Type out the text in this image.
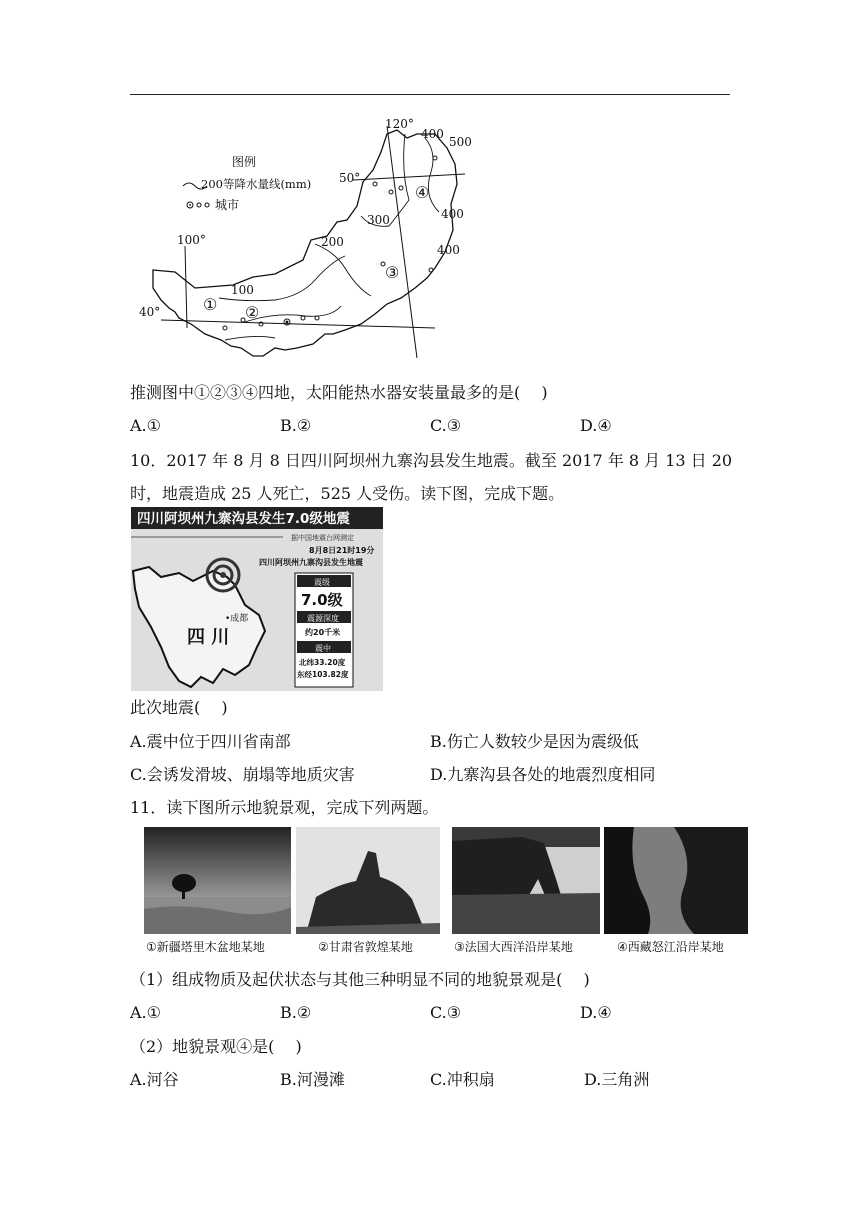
图例
200等降水量线(mm)
城市
120°
100°
50°
40°
400
500
300	400
200
400
100
① ②
③
④
推测图中①②③④四地，太阳能热水器安装量最多的是(　 )
A.①	B.②	C.③	D.④
10．2017 年 8 月 8 日四川阿坝州九寨沟县发生地震。截至 2017 年 8 月 13 日 20
时，地震造成 25 人死亡，525 人受伤。读下图，完成下题。
四川阿坝州九寨沟县发生7.0级地震
据中国地震台网测定
8月8日21时19分
四川阿坝州九寨沟县发生地震
•成都
四 川
震级
7.0级
震源深度
约20千米
震中
北纬33.20度
东经103.82度
此次地震(　 )
A.震中位于四川省南部	B.伤亡人数较少是因为震级低
C.会诱发滑坡、崩塌等地质灾害	D.九寨沟县各处的地震烈度相同
11．读下图所示地貌景观，完成下列两题。
①新疆塔里木盆地某地	②甘肃省敦煌某地	③法国大西洋沿岸某地	④西藏怒江沿岸某地
（1）组成物质及起伏状态与其他三种明显不同的地貌景观是(　 )
A.①	B.②	C.③	D.④
（2）地貌景观④是(　 )
A.河谷	B.河漫滩	C.冲积扇	D.三角洲
